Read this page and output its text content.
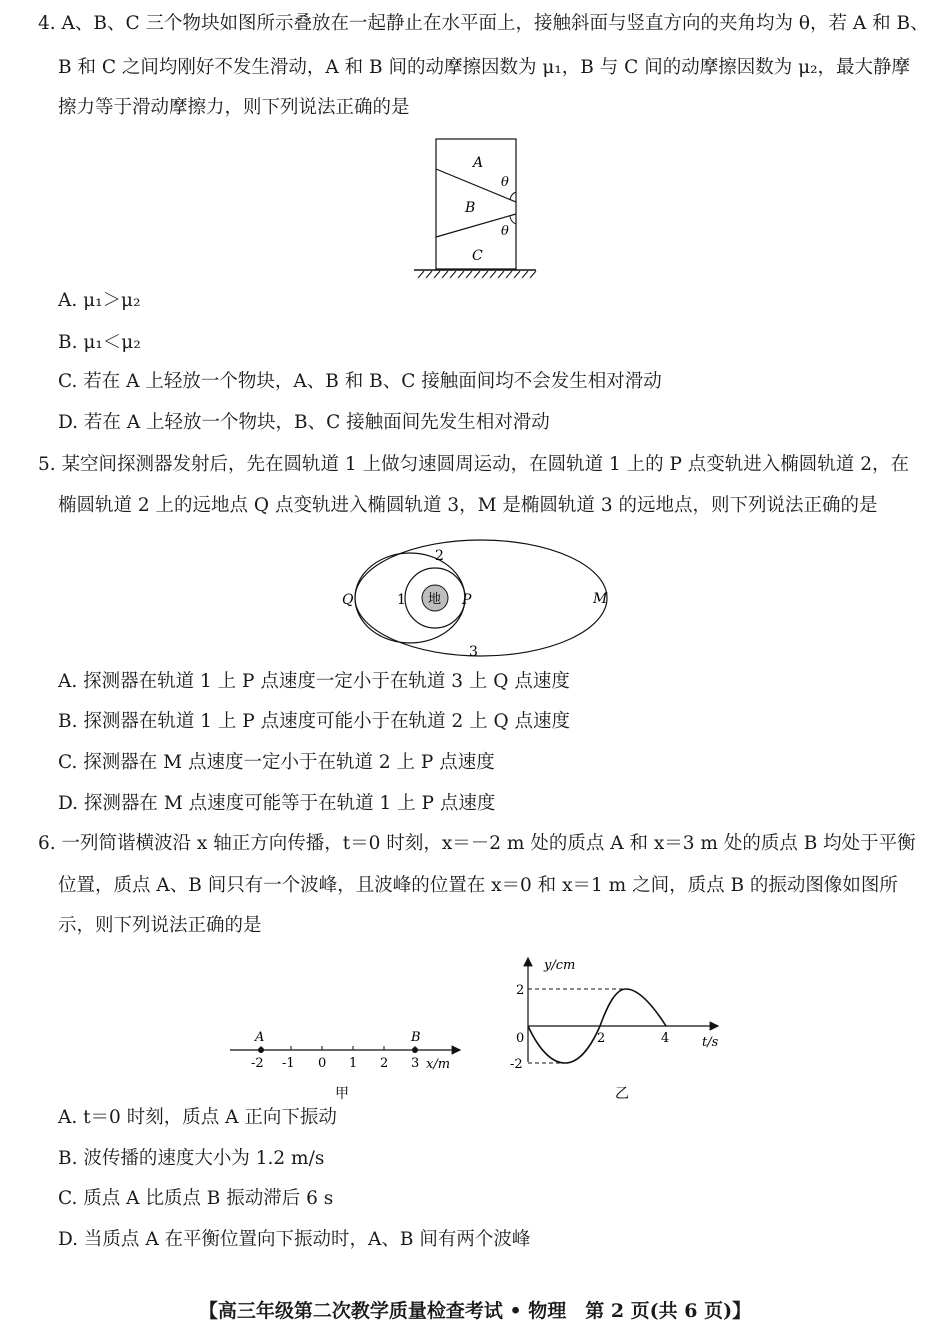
4. A、B、C 三个物块如图所示叠放在一起静止在水平面上，接触斜面与竖直方向的夹角均为 θ，若 A 和 B、
B 和 C 之间均刚好不发生滑动，A 和 B 间的动摩擦因数为 μ₁，B 与 C 间的动摩擦因数为 μ₂，最大静摩
擦力等于滑动摩擦力，则下列说法正确的是
A
B
C
θ
θ
A. μ₁＞μ₂
B. μ₁＜μ₂
C. 若在 A 上轻放一个物块，A、B 和 B、C 接触面间均不会发生相对滑动
D. 若在 A 上轻放一个物块，B、C 接触面间先发生相对滑动
5. 某空间探测器发射后，先在圆轨道 1 上做匀速圆周运动，在圆轨道 1 上的 P 点变轨进入椭圆轨道 2，在
椭圆轨道 2 上的远地点 Q 点变轨进入椭圆轨道 3，M 是椭圆轨道 3 的远地点，则下列说法正确的是
地
Q	P	M
1
2
3
A. 探测器在轨道 1 上 P 点速度一定小于在轨道 3 上 Q 点速度
B. 探测器在轨道 1 上 P 点速度可能小于在轨道 2 上 Q 点速度
C. 探测器在 M 点速度一定小于在轨道 2 上 P 点速度
D. 探测器在 M 点速度可能等于在轨道 1 上 P 点速度
6. 一列简谐横波沿 x 轴正方向传播，t＝0 时刻，x＝－2 m 处的质点 A 和 x＝3 m 处的质点 B 均处于平衡
位置，质点 A、B 间只有一个波峰，且波峰的位置在 x＝0 和 x＝1 m 之间，质点 B 的振动图像如图所
示，则下列说法正确的是
A	B
-2 -1 0 1 2 3 x/m
甲
y/cm
2
-2
0	2	4	t/s
乙
A. t＝0 时刻，质点 A 正向下振动
B. 波传播的速度大小为 1.2 m/s
C. 质点 A 比质点 B 振动滞后 6 s
D. 当质点 A 在平衡位置向下振动时，A、B 间有两个波峰
【高三年级第二次教学质量检查考试 • 物理　第 2 页(共 6 页)】
